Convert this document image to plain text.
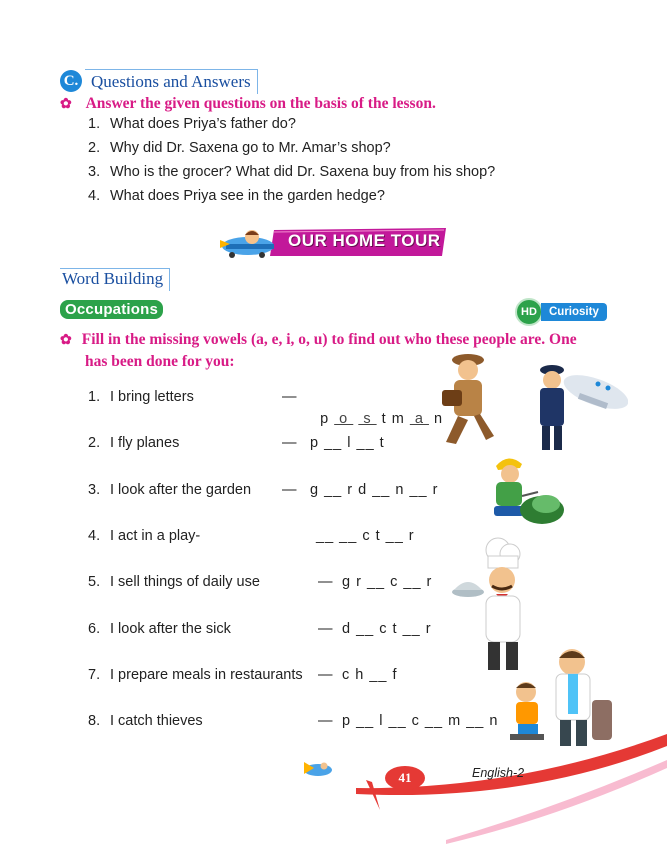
C. Questions and Answers
✿ Answer the given questions on the basis of the lesson.
1. What does Priya’s father do?
2. Why did Dr. Saxena go to Mr. Amar’s shop?
3. Who is the grocer? What did Dr. Saxena buy from his shop?
4. What does Priya see in the garden hedge?
OUR HOME TOUR
Word Building
Occupations	HD	Curiosity
✿ Fill in the missing vowels (a, e, i, o, u) to find out who these people are. One
has been done for you:
1. I bring letters	—

p  o   s  t m  a  n

2. I fly planes	— p __ l __ t
3. I look after the garden — g __ r d __ n __ r
4. I act in a play-	__ __ c t __ r
5. I sell things of daily use	— g r __ c __ r
6. I look after the sick	— d __ c t __ r
7. I prepare meals in restaurants — c h __ f
8. I catch thieves	— p __ l __ c __ m __ n
41	English-2
